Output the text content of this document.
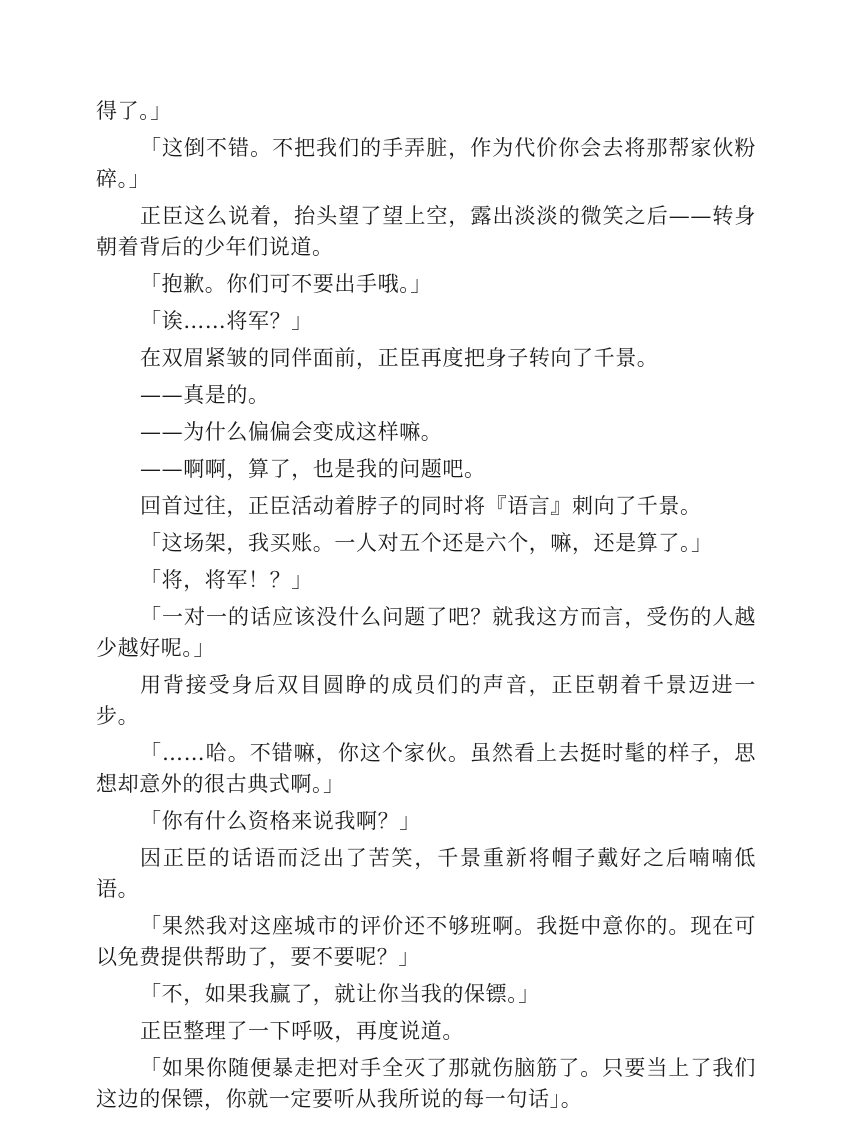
得了。」

「这倒不错。不把我们的手弄脏，作为代价你会去将那帮家伙粉碎。」

正臣这么说着，抬头望了望上空，露出淡淡的微笑之后——转身朝着背后的少年们说道。

「抱歉。你们可不要出手哦。」

「诶……将军？」

在双眉紧皱的同伴面前，正臣再度把身子转向了千景。

——真是的。

——为什么偏偏会变成这样嘛。

——啊啊，算了，也是我的问题吧。

回首过往，正臣活动着脖子的同时将『语言』刺向了千景。

「这场架，我买账。一人对五个还是六个，嘛，还是算了。」

「将，将军！？」

「一对一的话应该没什么问题了吧？就我这方而言，受伤的人越少越好呢。」

用背接受身后双目圆睁的成员们的声音，正臣朝着千景迈进一步。

「……哈。不错嘛，你这个家伙。虽然看上去挺时髦的样子，思想却意外的很古典式啊。」

「你有什么资格来说我啊？」

因正臣的话语而泛出了苦笑，千景重新将帽子戴好之后喃喃低语。

「果然我对这座城市的评价还不够班啊。我挺中意你的。现在可以免费提供帮助了，要不要呢？」

「不，如果我赢了，就让你当我的保镖。」

正臣整理了一下呼吸，再度说道。

「如果你随便暴走把对手全灭了那就伤脑筋了。只要当上了我们这边的保镖，你就一定要听从我所说的每一句话」。
